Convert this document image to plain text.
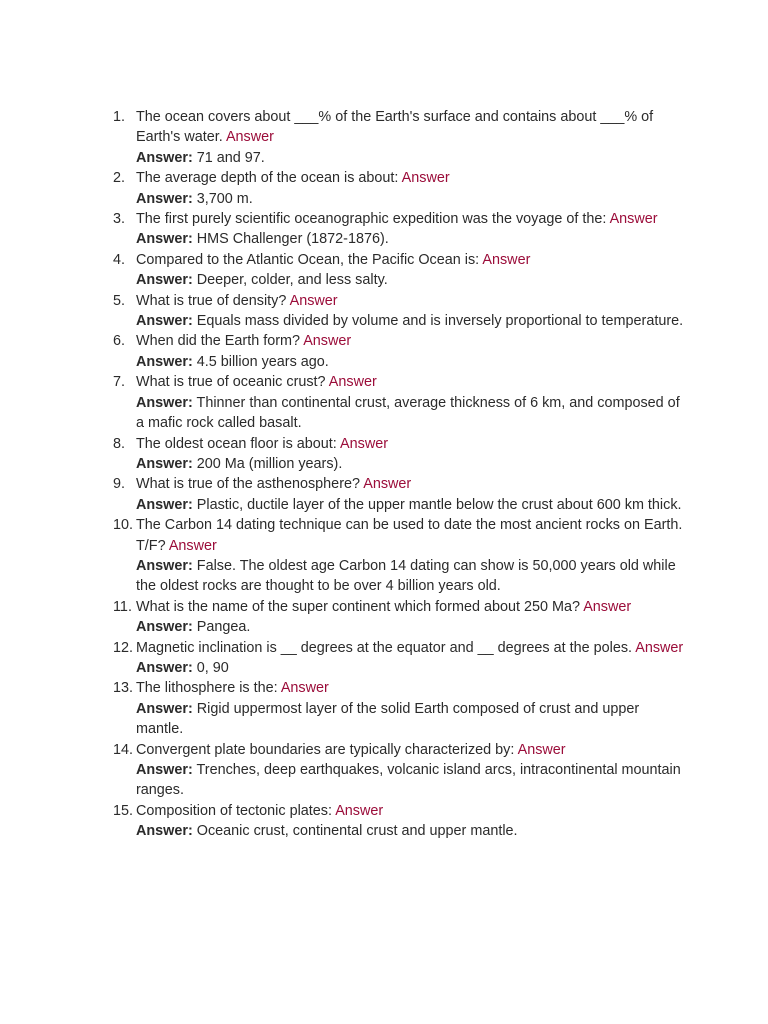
1. The ocean covers about ___% of the Earth's surface and contains about ___% of Earth's water. Answer
Answer: 71 and 97.
2. The average depth of the ocean is about: Answer
Answer: 3,700 m.
3. The first purely scientific oceanographic expedition was the voyage of the: Answer
Answer: HMS Challenger (1872-1876).
4. Compared to the Atlantic Ocean, the Pacific Ocean is: Answer
Answer: Deeper, colder, and less salty.
5. What is true of density? Answer
Answer: Equals mass divided by volume and is inversely proportional to temperature.
6. When did the Earth form? Answer
Answer: 4.5 billion years ago.
7. What is true of oceanic crust? Answer
Answer: Thinner than continental crust, average thickness of 6 km, and composed of a mafic rock called basalt.
8. The oldest ocean floor is about: Answer
Answer: 200 Ma (million years).
9. What is true of the asthenosphere? Answer
Answer: Plastic, ductile layer of the upper mantle below the crust about 600 km thick.
10. The Carbon 14 dating technique can be used to date the most ancient rocks on Earth. T/F? Answer
Answer: False. The oldest age Carbon 14 dating can show is 50,000 years old while the oldest rocks are thought to be over 4 billion years old.
11. What is the name of the super continent which formed about 250 Ma? Answer
Answer: Pangea.
12. Magnetic inclination is __ degrees at the equator and __ degrees at the poles. Answer
Answer: 0, 90
13. The lithosphere is the: Answer
Answer: Rigid uppermost layer of the solid Earth composed of crust and upper mantle.
14. Convergent plate boundaries are typically characterized by: Answer
Answer: Trenches, deep earthquakes, volcanic island arcs, intracontinental mountain ranges.
15. Composition of tectonic plates: Answer
Answer: Oceanic crust, continental crust and upper mantle.
